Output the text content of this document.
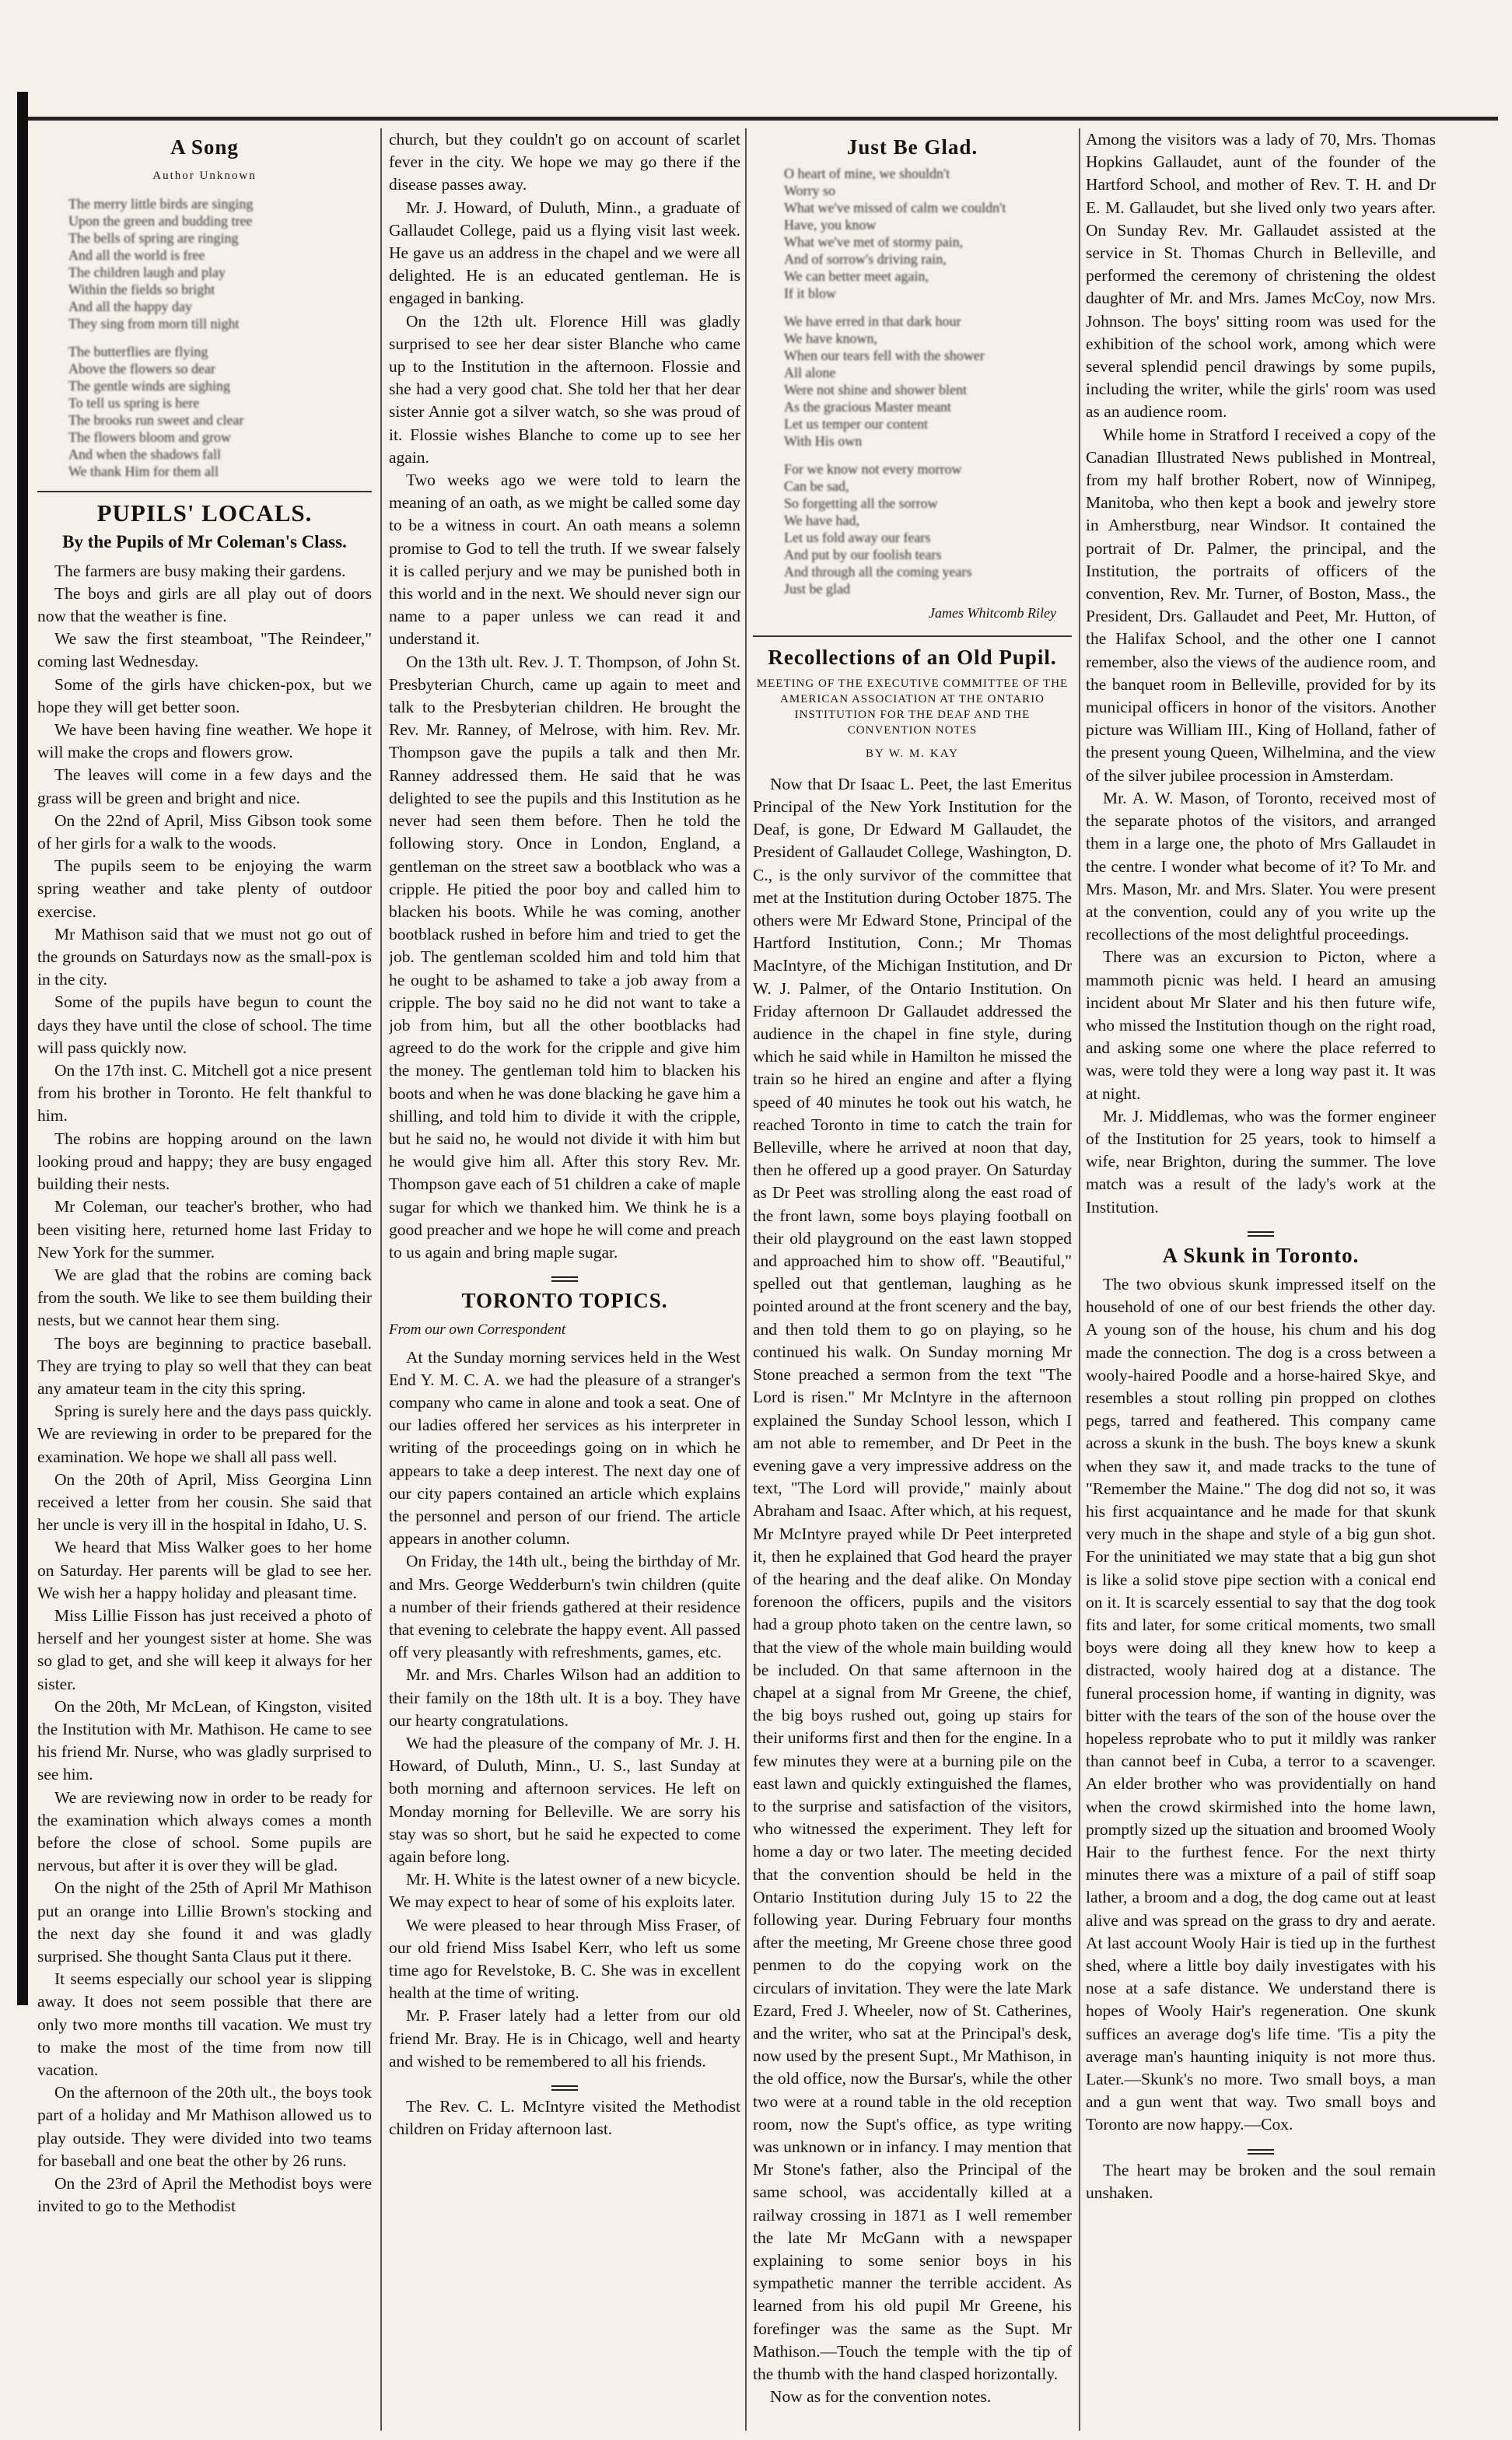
A Song
Author Unknown
The merry little birds are singing
Upon the green and budding tree
The bells of spring are ringing
And all the world is free
The children laugh and play
Within the fields so bright
And all the happy day
They sing from morn till night
The butterflies are flying
Above the flowers so dear
The gentle winds are sighing
To tell us spring is here
The brooks run sweet and clear
The flowers bloom and grow
And when the shadows fall
We thank Him for them all
PUPILS' LOCALS.
By the Pupils of Mr Coleman's Class.

The farmers are busy making their gardens.

The boys and girls are all play out of doors now that the weather is fine.

We saw the first steamboat, "The Reindeer," coming last Wednesday.

Some of the girls have chicken-pox, but we hope they will get better soon.

We have been having fine weather. We hope it will make the crops and flowers grow.

The leaves will come in a few days and the grass will be green and bright and nice.

On the 22nd of April, Miss Gibson took some of her girls for a walk to the woods.

The pupils seem to be enjoying the warm spring weather and take plenty of outdoor exercise.

Mr Mathison said that we must not go out of the grounds on Saturdays now as the small-pox is in the city.

Some of the pupils have begun to count the days they have until the close of school. The time will pass quickly now.

On the 17th inst. C. Mitchell got a nice present from his brother in Toronto. He felt thankful to him.

The robins are hopping around on the lawn looking proud and happy; they are busy engaged building their nests.

Mr Coleman, our teacher's brother, who had been visiting here, returned home last Friday to New York for the summer.

We are glad that the robins are coming back from the south. We like to see them building their nests, but we cannot hear them sing.

The boys are beginning to practice baseball. They are trying to play so well that they can beat any amateur team in the city this spring.

Spring is surely here and the days pass quickly. We are reviewing in order to be prepared for the examination. We hope we shall all pass well.

On the 20th of April, Miss Georgina Linn received a letter from her cousin. She said that her uncle is very ill in the hospital in Idaho, U. S.

We heard that Miss Walker goes to her home on Saturday. Her parents will be glad to see her. We wish her a happy holiday and pleasant time.

Miss Lillie Fisson has just received a photo of herself and her youngest sister at home. She was so glad to get, and she will keep it always for her sister.

On the 20th, Mr McLean, of Kingston, visited the Institution with Mr. Mathison. He came to see his friend Mr. Nurse, who was gladly surprised to see him.

We are reviewing now in order to be ready for the examination which always comes a month before the close of school. Some pupils are nervous, but after it is over they will be glad.

On the night of the 25th of April Mr Mathison put an orange into Lillie Brown's stocking and the next day she found it and was gladly surprised. She thought Santa Claus put it there.

It seems especially our school year is slipping away. It does not seem possible that there are only two more months till vacation. We must try to make the most of the time from now till vacation.

On the afternoon of the 20th ult., the boys took part of a holiday and Mr Mathison allowed us to play outside. They were divided into two teams for baseball and one beat the other by 26 runs.

On the 23rd of April the Methodist boys were invited to go to the Methodist

church, but they couldn't go on account of scarlet fever in the city. We hope we may go there if the disease passes away.

Mr. J. Howard, of Duluth, Minn., a graduate of Gallaudet College, paid us a flying visit last week. He gave us an address in the chapel and we were all delighted. He is an educated gentleman. He is engaged in banking.

On the 12th ult. Florence Hill was gladly surprised to see her dear sister Blanche who came up to the Institution in the afternoon. Flossie and she had a very good chat. She told her that her dear sister Annie got a silver watch, so she was proud of it. Flossie wishes Blanche to come up to see her again.

Two weeks ago we were told to learn the meaning of an oath, as we might be called some day to be a witness in court. An oath means a solemn promise to God to tell the truth. If we swear falsely it is called perjury and we may be punished both in this world and in the next. We should never sign our name to a paper unless we can read it and understand it.

On the 13th ult. Rev. J. T. Thompson, of John St. Presbyterian Church, came up again to meet and talk to the Presbyterian children. He brought the Rev. Mr. Ranney, of Melrose, with him. Rev. Mr. Thompson gave the pupils a talk and then Mr. Ranney addressed them. He said that he was delighted to see the pupils and this Institution as he never had seen them before. Then he told the following story. Once in London, England, a gentleman on the street saw a bootblack who was a cripple. He pitied the poor boy and called him to blacken his boots. While he was coming, another bootblack rushed in before him and tried to get the job. The gentleman scolded him and told him that he ought to be ashamed to take a job away from a cripple. The boy said no he did not want to take a job from him, but all the other bootblacks had agreed to do the work for the cripple and give him the money. The gentleman told him to blacken his boots and when he was done blacking he gave him a shilling, and told him to divide it with the cripple, but he said no, he would not divide it with him but he would give him all. After this story Rev. Mr. Thompson gave each of 51 children a cake of maple sugar for which we thanked him. We think he is a good preacher and we hope he will come and preach to us again and bring maple sugar.

TORONTO TOPICS.
From our own Correspondent

At the Sunday morning services held in the West End Y. M. C. A. we had the pleasure of a stranger's company who came in alone and took a seat. One of our ladies offered her services as his interpreter in writing of the proceedings going on in which he appears to take a deep interest. The next day one of our city papers contained an article which explains the personnel and person of our friend. The article appears in another column.

On Friday, the 14th ult., being the birthday of Mr. and Mrs. George Wedderburn's twin children (quite a number of their friends gathered at their residence that evening to celebrate the happy event. All passed off very pleasantly with refreshments, games, etc.

Mr. and Mrs. Charles Wilson had an addition to their family on the 18th ult. It is a boy. They have our hearty congratulations.

We had the pleasure of the company of Mr. J. H. Howard, of Duluth, Minn., U. S., last Sunday at both morning and afternoon services. He left on Monday morning for Belleville. We are sorry his stay was so short, but he said he expected to come again before long.

Mr. H. White is the latest owner of a new bicycle. We may expect to hear of some of his exploits later.

We were pleased to hear through Miss Fraser, of our old friend Miss Isabel Kerr, who left us some time ago for Revelstoke, B. C. She was in excellent health at the time of writing.

Mr. P. Fraser lately had a letter from our old friend Mr. Bray. He is in Chicago, well and hearty and wished to be remembered to all his friends.

The Rev. C. L. McIntyre visited the Methodist children on Friday afternoon last.

Just Be Glad.
O heart of mine, we shouldn't
Worry so
What we've missed of calm we couldn't
Have, you know
What we've met of stormy pain,
And of sorrow's driving rain,
We can better meet again,
If it blow
We have erred in that dark hour
We have known,
When our tears fell with the shower
All alone
Were not shine and shower blent
As the gracious Master meant
Let us temper our content
With His own
For we know not every morrow
Can be sad,
So forgetting all the sorrow
We have had,
Let us fold away our fears
And put by our foolish tears
And through all the coming years
Just be glad
James Whitcomb Riley
Recollections of an Old Pupil.
MEETING OF THE EXECUTIVE COMMITTEE OF THE AMERICAN ASSOCIATION AT THE ONTARIO INSTITUTION FOR THE DEAF AND THE CONVENTION NOTES
BY W. M. KAY

Now that Dr Isaac L. Peet, the last Emeritus Principal of the New York Institution for the Deaf, is gone, Dr Edward M Gallaudet, the President of Gallaudet College, Washington, D. C., is the only survivor of the committee that met at the Institution during October 1875. The others were Mr Edward Stone, Principal of the Hartford Institution, Conn.; Mr Thomas MacIntyre, of the Michigan Institution, and Dr W. J. Palmer, of the Ontario Institution. On Friday afternoon Dr Gallaudet addressed the audience in the chapel in fine style, during which he said while in Hamilton he missed the train so he hired an engine and after a flying speed of 40 minutes he took out his watch, he reached Toronto in time to catch the train for Belleville, where he arrived at noon that day, then he offered up a good prayer. On Saturday as Dr Peet was strolling along the east road of the front lawn, some boys playing football on their old playground on the east lawn stopped and approached him to show off. "Beautiful," spelled out that gentleman, laughing as he pointed around at the front scenery and the bay, and then told them to go on playing, so he continued his walk. On Sunday morning Mr Stone preached a sermon from the text "The Lord is risen." Mr McIntyre in the afternoon explained the Sunday School lesson, which I am not able to remember, and Dr Peet in the evening gave a very impressive address on the text, "The Lord will provide," mainly about Abraham and Isaac. After which, at his request, Mr McIntyre prayed while Dr Peet interpreted it, then he explained that God heard the prayer of the hearing and the deaf alike. On Monday forenoon the officers, pupils and the visitors had a group photo taken on the centre lawn, so that the view of the whole main building would be included. On that same afternoon in the chapel at a signal from Mr Greene, the chief, the big boys rushed out, going up stairs for their uniforms first and then for the engine. In a few minutes they were at a burning pile on the east lawn and quickly extinguished the flames, to the surprise and satisfaction of the visitors, who witnessed the experiment. They left for home a day or two later. The meeting decided that the convention should be held in the Ontario Institution during July 15 to 22 the following year. During February four months after the meeting, Mr Greene chose three good penmen to do the copying work on the circulars of invitation. They were the late Mark Ezard, Fred J. Wheeler, now of St. Catherines, and the writer, who sat at the Principal's desk, now used by the present Supt., Mr Mathison, in the old office, now the Bursar's, while the other two were at a round table in the old reception room, now the Supt's office, as type writing was unknown or in infancy. I may mention that Mr Stone's father, also the Principal of the same school, was accidentally killed at a railway crossing in 1871 as I well remember the late Mr McGann with a newspaper explaining to some senior boys in his sympathetic manner the terrible accident. As learned from his old pupil Mr Greene, his forefinger was the same as the Supt. Mr Mathison.—Touch the temple with the tip of the thumb with the hand clasped horizontally.

Now as for the convention notes.

Among the visitors was a lady of 70, Mrs. Thomas Hopkins Gallaudet, aunt of the founder of the Hartford School, and mother of Rev. T. H. and Dr E. M. Gallaudet, but she lived only two years after. On Sunday Rev. Mr. Gallaudet assisted at the service in St. Thomas Church in Belleville, and performed the ceremony of christening the oldest daughter of Mr. and Mrs. James McCoy, now Mrs. Johnson. The boys' sitting room was used for the exhibition of the school work, among which were several splendid pencil drawings by some pupils, including the writer, while the girls' room was used as an audience room.

While home in Stratford I received a copy of the Canadian Illustrated News published in Montreal, from my half brother Robert, now of Winnipeg, Manitoba, who then kept a book and jewelry store in Amherstburg, near Windsor. It contained the portrait of Dr. Palmer, the principal, and the Institution, the portraits of officers of the convention, Rev. Mr. Turner, of Boston, Mass., the President, Drs. Gallaudet and Peet, Mr. Hutton, of the Halifax School, and the other one I cannot remember, also the views of the audience room, and the banquet room in Belleville, provided for by its municipal officers in honor of the visitors. Another picture was William III., King of Holland, father of the present young Queen, Wilhelmina, and the view of the silver jubilee procession in Amsterdam.

Mr. A. W. Mason, of Toronto, received most of the separate photos of the visitors, and arranged them in a large one, the photo of Mrs Gallaudet in the centre. I wonder what become of it? To Mr. and Mrs. Mason, Mr. and Mrs. Slater. You were present at the convention, could any of you write up the recollections of the most delightful proceedings.

There was an excursion to Picton, where a mammoth picnic was held. I heard an amusing incident about Mr Slater and his then future wife, who missed the Institution though on the right road, and asking some one where the place referred to was, were told they were a long way past it. It was at night.

Mr. J. Middlemas, who was the former engineer of the Institution for 25 years, took to himself a wife, near Brighton, during the summer. The love match was a result of the lady's work at the Institution.

A Skunk in Toronto.

The two obvious skunk impressed itself on the household of one of our best friends the other day. A young son of the house, his chum and his dog made the connection. The dog is a cross between a wooly-haired Poodle and a horse-haired Skye, and resembles a stout rolling pin propped on clothes pegs, tarred and feathered. This company came across a skunk in the bush. The boys knew a skunk when they saw it, and made tracks to the tune of "Remember the Maine." The dog did not so, it was his first acquaintance and he made for that skunk very much in the shape and style of a big gun shot. For the uninitiated we may state that a big gun shot is like a solid stove pipe section with a conical end on it. It is scarcely essential to say that the dog took fits and later, for some critical moments, two small boys were doing all they knew how to keep a distracted, wooly haired dog at a distance. The funeral procession home, if wanting in dignity, was bitter with the tears of the son of the house over the hopeless reprobate who to put it mildly was ranker than cannot beef in Cuba, a terror to a scavenger. An elder brother who was providentially on hand when the crowd skirmished into the home lawn, promptly sized up the situation and broomed Wooly Hair to the furthest fence. For the next thirty minutes there was a mixture of a pail of stiff soap lather, a broom and a dog, the dog came out at least alive and was spread on the grass to dry and aerate. At last account Wooly Hair is tied up in the furthest shed, where a little boy daily investigates with his nose at a safe distance. We understand there is hopes of Wooly Hair's regeneration. One skunk suffices an average dog's life time. 'Tis a pity the average man's haunting iniquity is not more thus. Later.—Skunk's no more. Two small boys, a man and a gun went that way. Two small boys and Toronto are now happy.—Cox.

The heart may be broken and the soul remain unshaken.
